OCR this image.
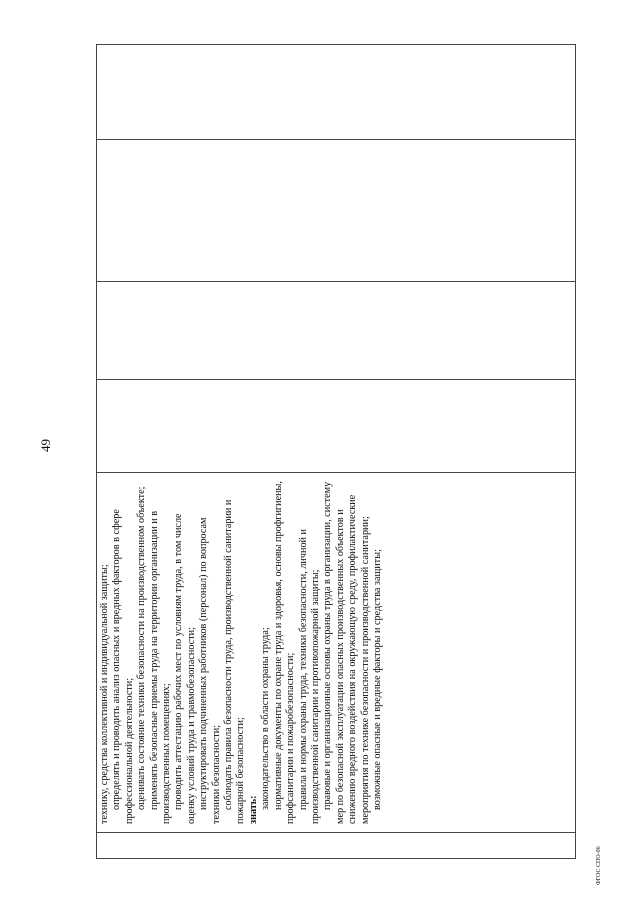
49

технику, средства коллективной и индивидуальной защиты; определять и проводить анализ опасных и вредных факторов в сфере профессиональной деятельности; оценивать состояние техники безопасности на производственном объекте; применять безопасные приемы труда на территории организации и в производственных помещениях; проводить аттестацию рабочих мест по условиям труда, в том числе оценку условий труда и травмобезопасности; инструктировать подчиненных работников (персонал) по вопросам техники безопасности; соблюдать правила безопасности труда, производственной санитарии и пожарной безопасности; знать: законодательство в области охраны труда; нормативные документы по охране труда и здоровья, основы профгигиены, профсанитарии и пожаробезопасности; правила и нормы охраны труда, техники безопасности, личной и производственной санитарии и противопожарной защиты; правовые и организационные основы охраны труда в организации, систему мер по безопасной эксплуатации опасных производственных объектов и снижению вредного воздействия на окружающую среду, профилактические мероприятия по технике безопасности и производственной санитарии; возможные опасные и вредные факторы и средства защиты;

ФГОС СПО-06
